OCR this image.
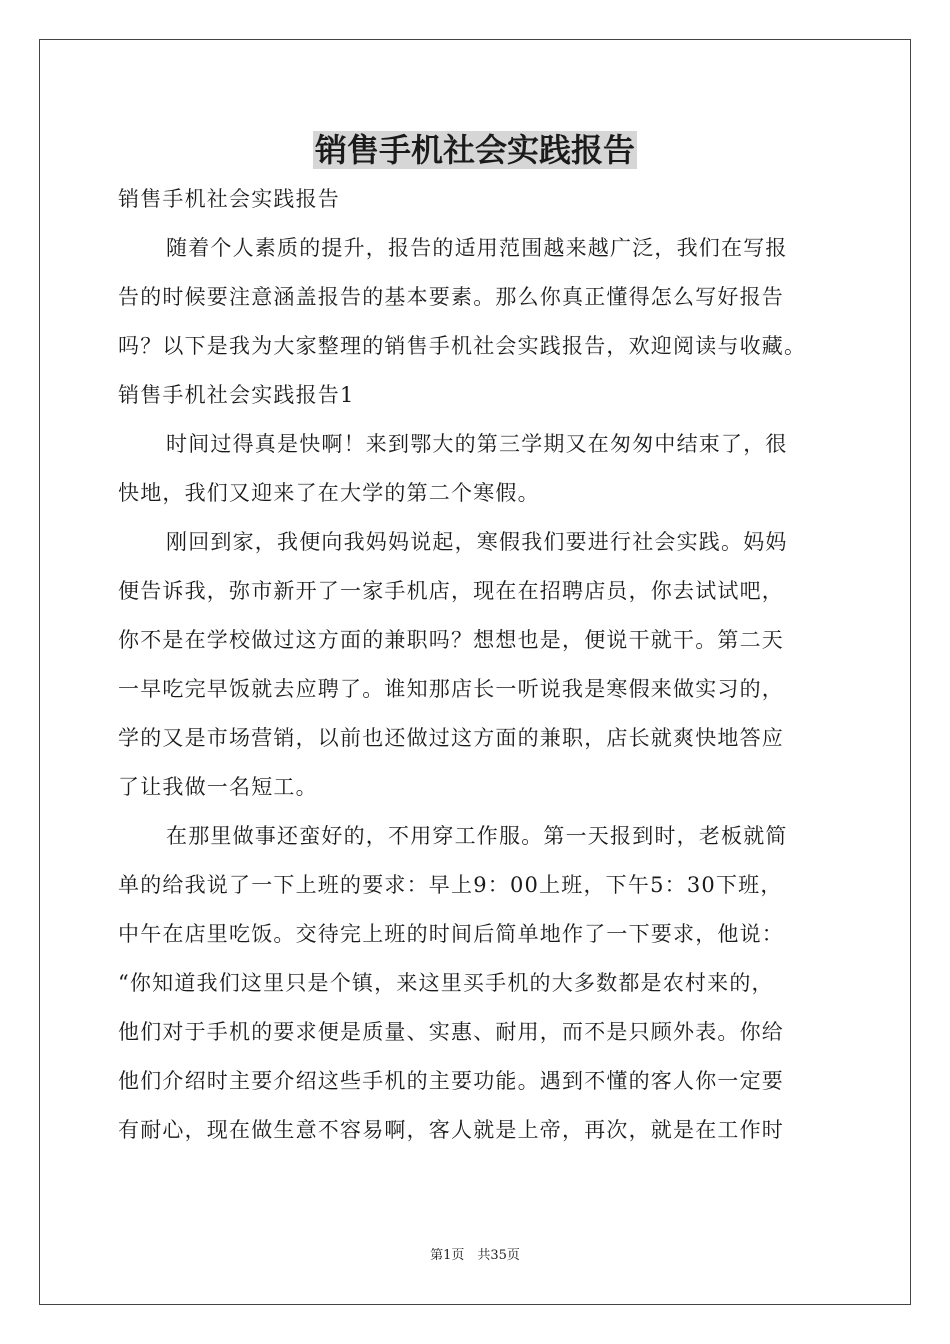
销售手机社会实践报告
销售手机社会实践报告
随着个人素质的提升，报告的适用范围越来越广泛，我们在写报
告的时候要注意涵盖报告的基本要素。那么你真正懂得怎么写好报告
吗？以下是我为大家整理的销售手机社会实践报告，欢迎阅读与收藏。
销售手机社会实践报告1
时间过得真是快啊！来到鄂大的第三学期又在匆匆中结束了，很
快地，我们又迎来了在大学的第二个寒假。
刚回到家，我便向我妈妈说起，寒假我们要进行社会实践。妈妈
便告诉我，弥市新开了一家手机店，现在在招聘店员，你去试试吧，
你不是在学校做过这方面的兼职吗？想想也是，便说干就干。第二天
一早吃完早饭就去应聘了。谁知那店长一听说我是寒假来做实习的，
学的又是市场营销，以前也还做过这方面的兼职，店长就爽快地答应
了让我做一名短工。
在那里做事还蛮好的，不用穿工作服。第一天报到时，老板就简
单的给我说了一下上班的要求：早上9：00上班，下午5：30下班，
中午在店里吃饭。交待完上班的时间后简单地作了一下要求，他说：
“你知道我们这里只是个镇，来这里买手机的大多数都是农村来的，
他们对于手机的要求便是质量、实惠、耐用，而不是只顾外表。你给
他们介绍时主要介绍这些手机的主要功能。遇到不懂的客人你一定要
有耐心，现在做生意不容易啊，客人就是上帝，再次，就是在工作时
第1页　共35页
